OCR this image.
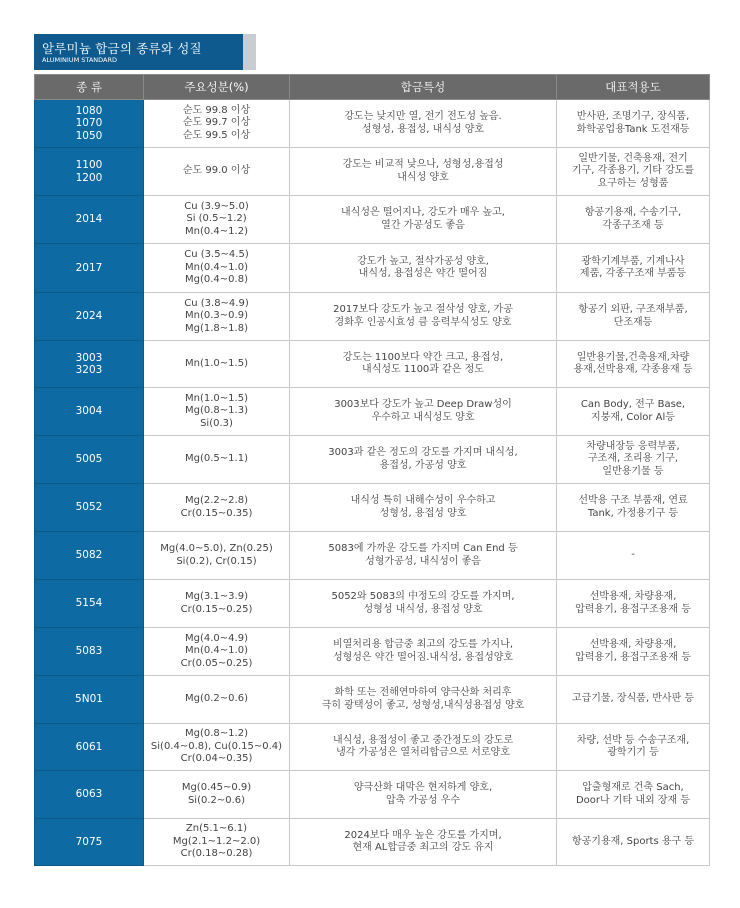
알루미늄 합금의 종류와 성질
ALUMINIUM STANDARD
종 류	주요성분(%)	합금특성	대표적용도

1080
1070
1050	순도 99.8 이상
순도 99.7 이상
순도 99.5 이상	강도는 낮지만 열, 전기 전도성 높음.
성형성, 용접성, 내식성 양호	반사판, 조명기구, 장식품,
화학공업용Tank 도전재등

1100
1200	순도 99.0 이상	강도는 비교적 낮으나, 성형성,용접성
내식성 양호	일반기물, 건축용재, 전기
기구, 각종용기, 기타 강도를
요구하는 성형품

2014	Cu (3.9~5.0)
Si (0.5~1.2)
Mn(0.4~1.2)	내식성은 떨어지나, 강도가 매우 높고,
열간 가공성도 좋음	항공기용재, 수송기구,
각종구조재 등

2017	Cu (3.5~4.5)
Mn(0.4~1.0)
Mg(0.4~0.8)	강도가 높고, 절삭가공성 양호,
내식성, 용접성은 약간 떨어짐	광학기계부품, 기계나사
제품, 각종구조재 부품등

2024	Cu (3.8~4.9)
Mn(0.3~0.9)
Mg(1.8~1.8)	2017보다 강도가 높고 절삭성 양호, 가공
경화후 인공시효성 큼 응력부식성도 양호	항공기 외판, 구조재부품,
단조재등

3003
3203	Mn(1.0~1.5)	강도는 1100보다 약간 크고, 용접성,
내식성도 1100과 같은 정도	일반용기물,건축용재,차량
용재,선박용재, 각종용재 등

3004	Mn(1.0~1.5)
Mg(0.8~1.3)
Si(0.3)	3003보다 강도가 높고 Deep Draw성이
우수하고 내식성도 양호	Can Body, 전구 Base,
지붕재, Color Al등

5005	Mg(0.5~1.1)	3003과 같은 정도의 강도를 가지며 내식성,
용접성, 가공성 양호	차량내장등 응력부품,
구조재, 조리용 기구,
일반용기물 등

5052	Mg(2.2~2.8)
Cr(0.15~0.35)	내식성 특히 내해수성이 우수하고
성형성, 용접성 양호	선박용 구조 부품재, 연료
Tank, 가정용기구 등

5082	Mg(4.0~5.0), Zn(0.25)
Si(0.2), Cr(0.15)	5083에 가까운 강도를 가지며 Can End 등
성형가공성, 내식성이 좋음	-

5154	Mg(3.1~3.9)
Cr(0.15~0.25)	5052와 5083의 中정도의 강도를 가지며,
성형성 내식성, 용접성 양호	선박용재, 차량용재,
압력용기, 용접구조용재 등

5083	Mg(4.0~4.9)
Mn(0.4~1.0)
Cr(0.05~0.25)	비열처리용 합금중 최고의 강도를 가지나,
성형성은 약간 떨어짐.내식성, 용접성양호	선박용재, 차량용재,
압력용기, 용접구조용재 등

5N01	Mg(0.2~0.6)	화학 또는 전해연마하여 양극산화 처리후
극히 광택성이 좋고, 성형성,내식성용접성 양호	고급기물, 장식품, 반사판 등

6061	Mg(0.8~1.2)
Si(0.4~0.8), Cu(0.15~0.4)
Cr(0.04~0.35)	내식성, 용접성이 좋고 중간정도의 강도로
냉각 가공성은 열처리합금으로 서로양호	차량, 선박 등 수송구조재,
광학기기 등

6063	Mg(0.45~0.9)
Si(0.2~0.6)	양극산화 대막은 현저하게 양호,
압축 가공성 우수	압출형재로 건축 Sach,
Door나 기타 내외 장재 등

7075	Zn(5.1~6.1)
Mg(2.1~1.2~2.0)
Cr(0.18~0.28)	2024보다 매우 높은 강도를 가지며,
현재 AL합금중 최고의 강도 유지	항공기용재, Sports 용구 등
